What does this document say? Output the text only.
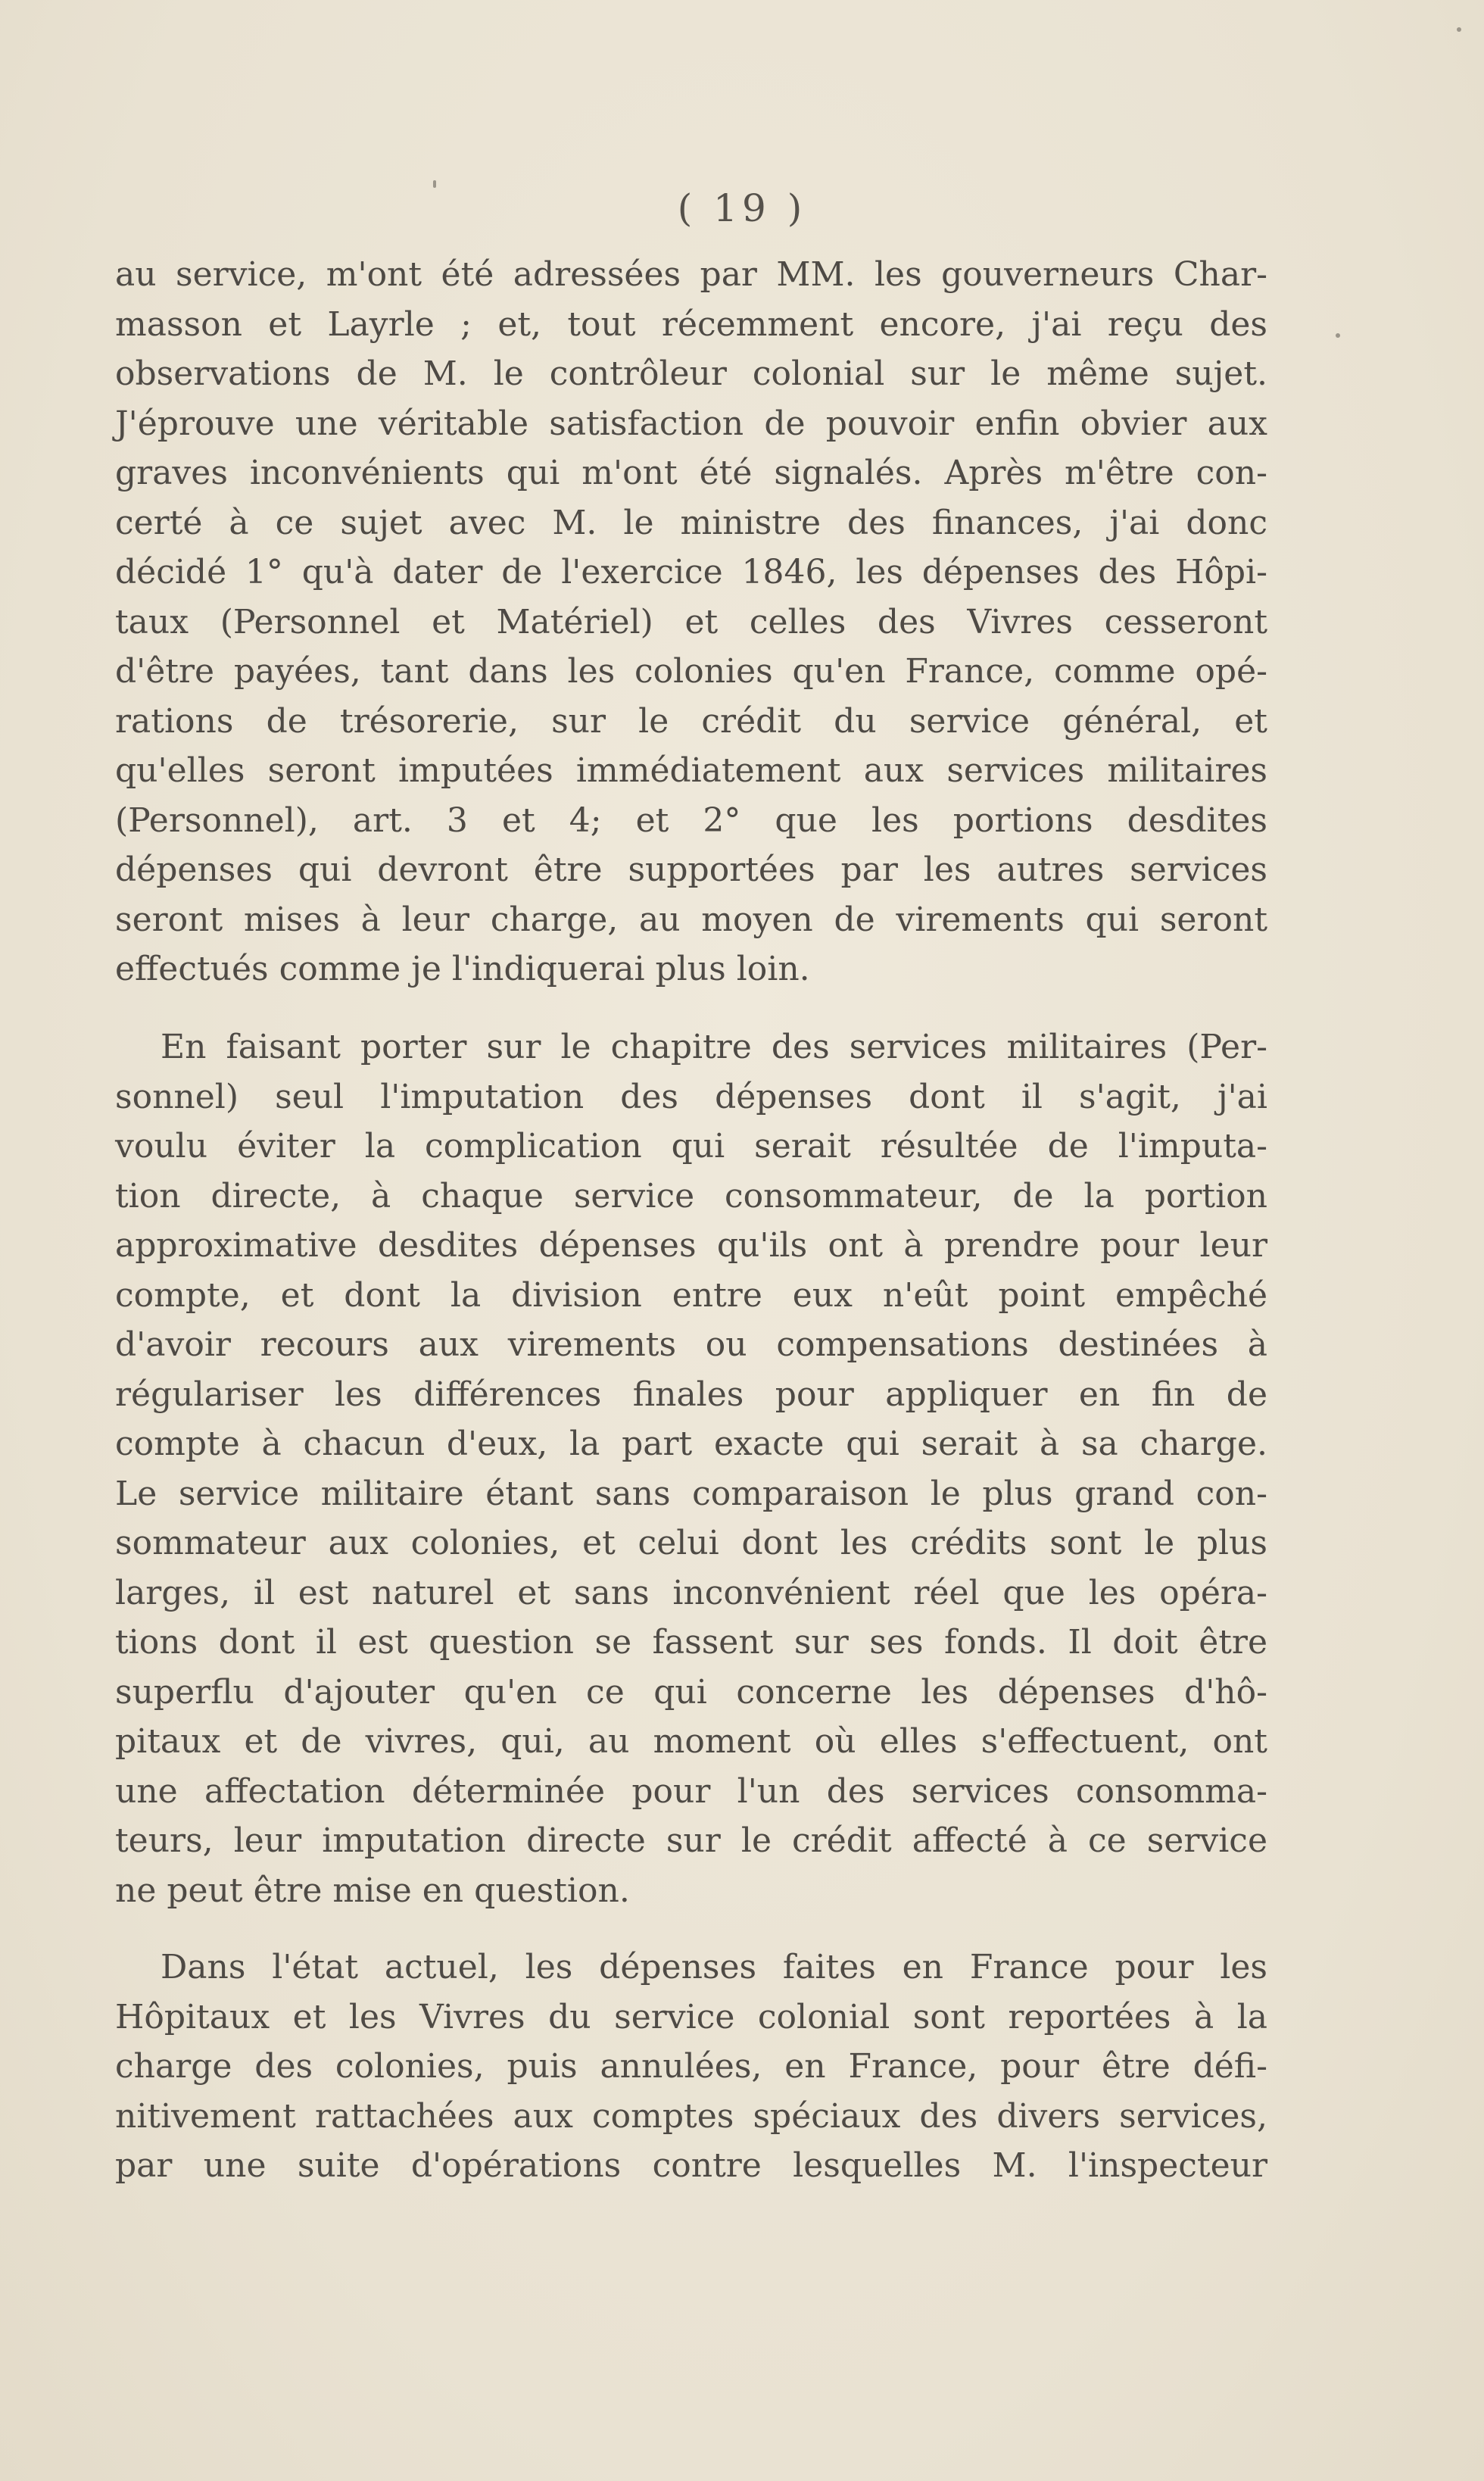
( 19 )

au service, m'ont été adressées par MM. les gouverneurs Char-
masson et Layrle ; et, tout récemment encore, j'ai reçu des
observations de M. le contrôleur colonial sur le même sujet.
J'éprouve une véritable satisfaction de pouvoir enfin obvier aux
graves inconvénients qui m'ont été signalés. Après m'être con-
certé à ce sujet avec M. le ministre des finances, j'ai donc
décidé 1° qu'à dater de l'exercice 1846, les dépenses des Hôpi-
taux (Personnel et Matériel) et celles des Vivres cesseront
d'être payées, tant dans les colonies qu'en France, comme opé-
rations de trésorerie, sur le crédit du service général, et
qu'elles seront imputées immédiatement aux services militaires
(Personnel), art. 3 et 4; et 2° que les portions desdites
dépenses qui devront être supportées par les autres services
seront mises à leur charge, au moyen de virements qui seront
effectués comme je l'indiquerai plus loin.

En faisant porter sur le chapitre des services militaires (Per-
sonnel) seul l'imputation des dépenses dont il s'agit, j'ai
voulu éviter la complication qui serait résultée de l'imputa-
tion directe, à chaque service consommateur, de la portion
approximative desdites dépenses qu'ils ont à prendre pour leur
compte, et dont la division entre eux n'eût point empêché
d'avoir recours aux virements ou compensations destinées à
régulariser les différences finales pour appliquer en fin de
compte à chacun d'eux, la part exacte qui serait à sa charge.
Le service militaire étant sans comparaison le plus grand con-
sommateur aux colonies, et celui dont les crédits sont le plus
larges, il est naturel et sans inconvénient réel que les opéra-
tions dont il est question se fassent sur ses fonds. Il doit être
superflu d'ajouter qu'en ce qui concerne les dépenses d'hô-
pitaux et de vivres, qui, au moment où elles s'effectuent, ont
une affectation déterminée pour l'un des services consomma-
teurs, leur imputation directe sur le crédit affecté à ce service
ne peut être mise en question.

Dans l'état actuel, les dépenses faites en France pour les
Hôpitaux et les Vivres du service colonial sont reportées à la
charge des colonies, puis annulées, en France, pour être défi-
nitivement rattachées aux comptes spéciaux des divers services,
par une suite d'opérations contre lesquelles M. l'inspecteur
